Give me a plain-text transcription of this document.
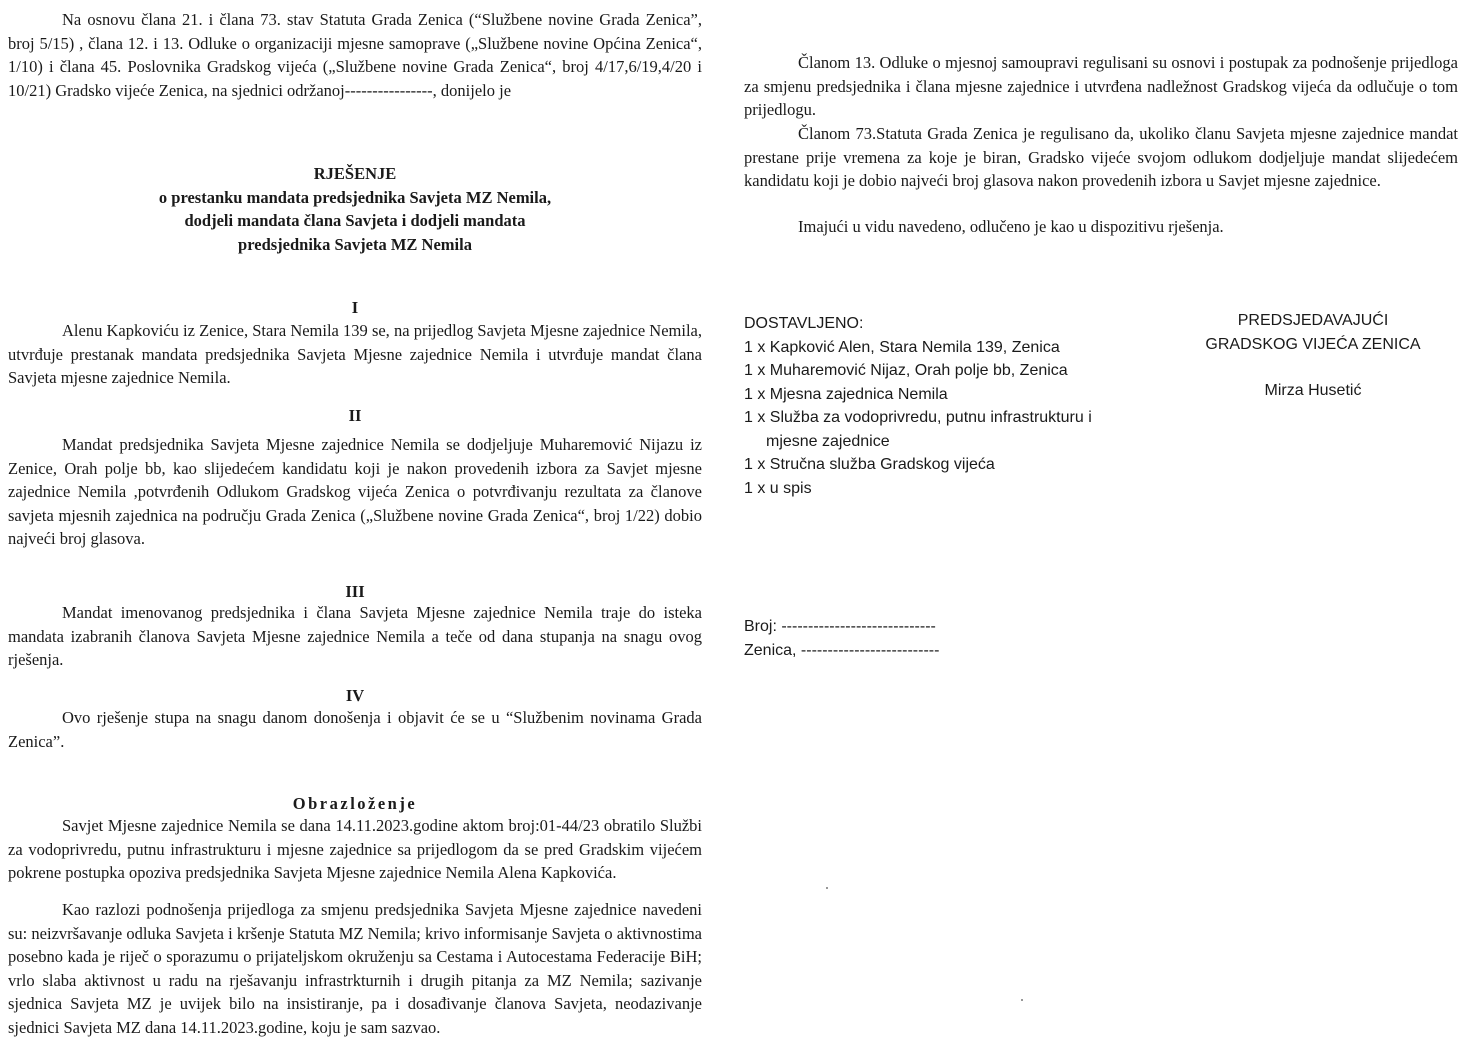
Na osnovu člana 21. i člana 73. stav Statuta Grada Zenica (“Službene novine Grada Zenica”, broj 5/15) , člana 12. i 13. Odluke o organizaciji mjesne samoprave („Službene novine Općina Zenica“, 1/10) i člana 45. Poslovnika Gradskog vijeća („Službene novine Grada Zenica“, broj 4/17,6/19,4/20 i 10/21) Gradsko vijeće Zenica, na sjednici održanoj----------------, donijelo je

RJEŠENJE
o prestanku mandata predsjednika Savjeta MZ Nemila,
dodjeli mandata člana Savjeta i dodjeli mandata
predsjednika Savjeta MZ Nemila
I

Alenu Kapkoviću iz Zenice, Stara Nemila 139 se, na prijedlog Savjeta Mjesne zajednice Nemila, utvrđuje prestanak mandata predsjednika Savjeta Mjesne zajednice Nemila i utvrđuje mandat člana Savjeta mjesne zajednice Nemila.

II

Mandat predsjednika Savjeta Mjesne zajednice Nemila se dodjeljuje Muharemović Nijazu iz Zenice, Orah polje bb, kao slijedećem kandidatu koji je nakon provedenih izbora za Savjet mjesne zajednice Nemila ,potvrđenih Odlukom Gradskog vijeća Zenica o potvrđivanju rezultata za članove savjeta mjesnih zajednica na području Grada Zenica („Službene novine Grada Zenica“, broj 1/22) dobio najveći broj glasova.

III

Mandat imenovanog predsjednika i člana Savjeta Mjesne zajednice Nemila traje do isteka mandata izabranih članova Savjeta Mjesne zajednice Nemila a teče od dana stupanja na snagu ovog rješenja.

IV

Ovo rješenje stupa na snagu danom donošenja i objavit će se u “Službenim novinama Grada Zenica”.

Obrazloženje

Savjet Mjesne zajednice Nemila se dana 14.11.2023.godine aktom broj:01-44/23 obratilo Službi za vodoprivredu, putnu infrastrukturu i mjesne zajednice sa prijedlogom da se pred Gradskim vijećem pokrene postupka opoziva predsjednika Savjeta Mjesne zajednice Nemila Alena Kapkovića.

Kao razlozi podnošenja prijedloga za smjenu predsjednika Savjeta Mjesne zajednice navedeni su: neizvršavanje odluka Savjeta i kršenje Statuta MZ Nemila; krivo informisanje Savjeta o aktivnostima posebno kada je riječ o sporazumu o prijateljskom okruženju sa Cestama i Autocestama Federacije BiH; vrlo slaba aktivnost u radu na rješavanju infrastrkturnih i drugih pitanja za MZ Nemila; sazivanje sjednica Savjeta MZ je uvijek bilo na insistiranje, pa i dosađivanje članova Savjeta, neodazivanje sjednici Savjeta MZ dana 14.11.2023.godine, koju je sam sazvao.

Članom 13. Odluke o mjesnoj samoupravi regulisani su osnovi i postupak za podnošenje prijedloga za smjenu predsjednika i člana mjesne zajednice i utvrđena nadležnost Gradskog vijeća da odlučuje o tom prijedlogu.

Članom 73.Statuta Grada Zenica je regulisano da, ukoliko članu Savjeta mjesne zajednice mandat prestane prije vremena za koje je biran, Gradsko vijeće svojom odlukom dodjeljuje mandat slijedećem kandidatu koji je dobio najveći broj glasova nakon provedenih izbora u Savjet mjesne zajednice.

Imajući u vidu navedeno, odlučeno je kao u dispozitivu rješenja.

DOSTAVLJENO:
1 x Kapković Alen, Stara Nemila 139, Zenica
1 x Muharemović Nijaz, Orah polje bb, Zenica
1 x Mjesna zajednica Nemila
1 x Služba za vodoprivredu, putnu infrastrukturu i
mjesne zajednice
1 x Stručna služba Gradskog vijeća
1 x u spis
PREDSJEDAVAJUĆI
GRADSKOG VIJEĆA ZENICA
Mirza Husetić
Broj: -----------------------------
Zenica, --------------------------
